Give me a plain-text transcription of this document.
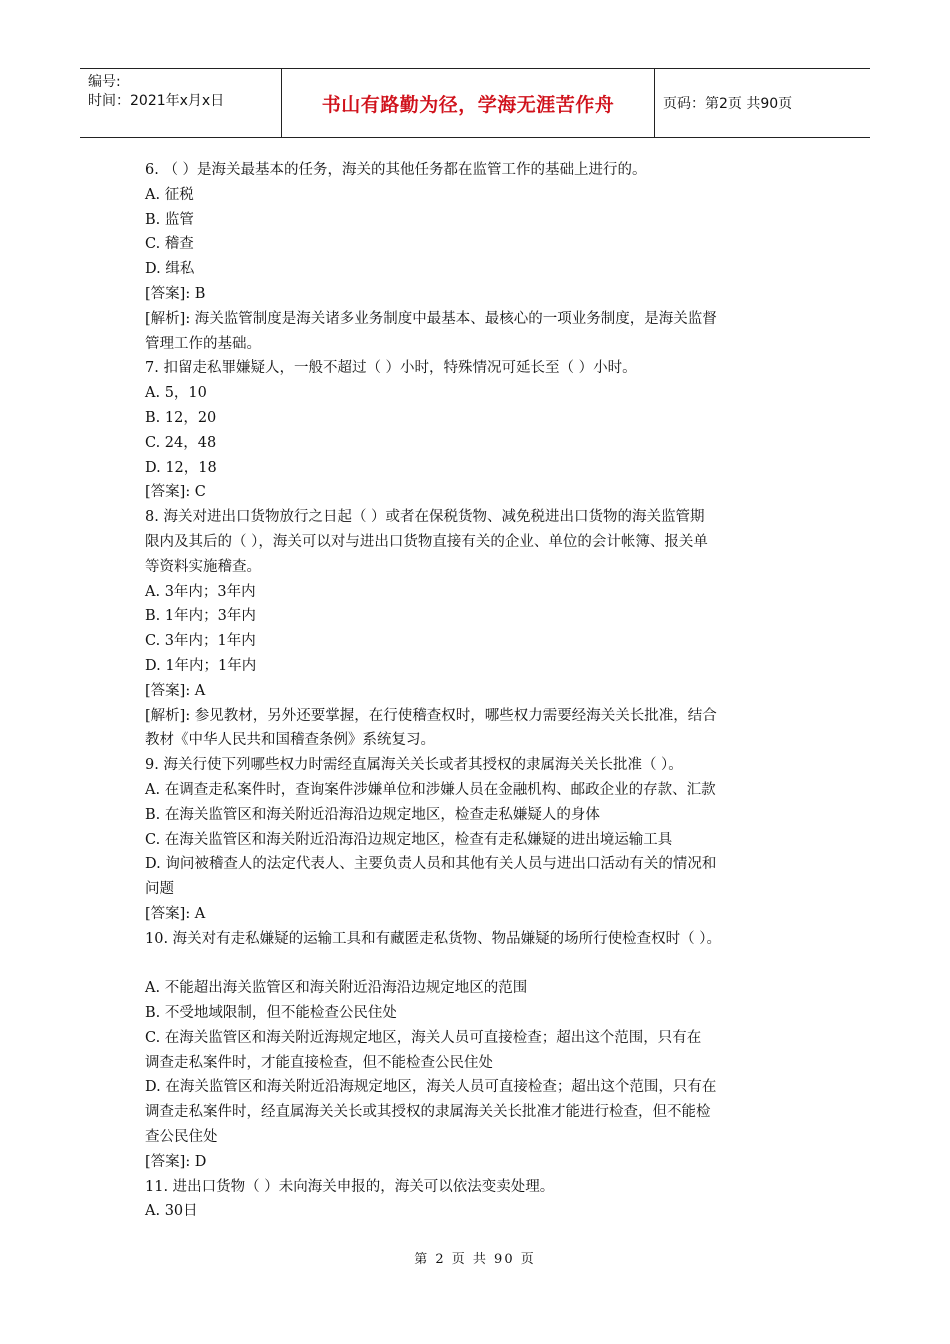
编号:
时间：2021年x月x日	书山有路勤为径，学海无涯苦作舟	页码：第2页 共90页
6. （ ）是海关最基本的任务，海关的其他任务都在监管工作的基础上进行的。
A. 征税
B. 监管
C. 稽查
D. 缉私
[答案]: B
[解析]: 海关监管制度是海关诸多业务制度中最基本、最核心的一项业务制度，是海关监督
管理工作的基础。
7. 扣留走私罪嫌疑人，一般不超过（ ）小时，特殊情况可延长至（ ）小时。
A. 5，10
B. 12，20
C. 24，48
D. 12，18
[答案]: C
8. 海关对进出口货物放行之日起（ ）或者在保税货物、减免税进出口货物的海关监管期
限内及其后的（ ），海关可以对与进出口货物直接有关的企业、单位的会计帐簿、报关单
等资料实施稽查。
A. 3年内；3年内
B. 1年内；3年内
C. 3年内；1年内
D. 1年内；1年内
[答案]: A
[解析]: 参见教材，另外还要掌握，在行使稽查权时，哪些权力需要经海关关长批准，结合
教材《中华人民共和国稽查条例》系统复习。
9. 海关行使下列哪些权力时需经直属海关关长或者其授权的隶属海关关长批准（ ）。
A. 在调查走私案件时，查询案件涉嫌单位和涉嫌人员在金融机构、邮政企业的存款、汇款
B. 在海关监管区和海关附近沿海沿边规定地区，检查走私嫌疑人的身体
C. 在海关监管区和海关附近沿海沿边规定地区，检查有走私嫌疑的进出境运输工具
D. 询问被稽查人的法定代表人、主要负责人员和其他有关人员与进出口活动有关的情况和
问题
[答案]: A
10. 海关对有走私嫌疑的运输工具和有藏匿走私货物、物品嫌疑的场所行使检查权时（ ）。
A. 不能超出海关监管区和海关附近沿海沿边规定地区的范围
B. 不受地域限制，但不能检查公民住处
C. 在海关监管区和海关附近海规定地区，海关人员可直接检查；超出这个范围，只有在
调查走私案件时，才能直接检查，但不能检查公民住处
D. 在海关监管区和海关附近沿海规定地区，海关人员可直接检查；超出这个范围，只有在
调查走私案件时，经直属海关关长或其授权的隶属海关关长批准才能进行检查，但不能检
查公民住处
[答案]: D
11. 进出口货物（ ）未向海关申报的，海关可以依法变卖处理。
A. 30日
第 2 页 共 90 页
